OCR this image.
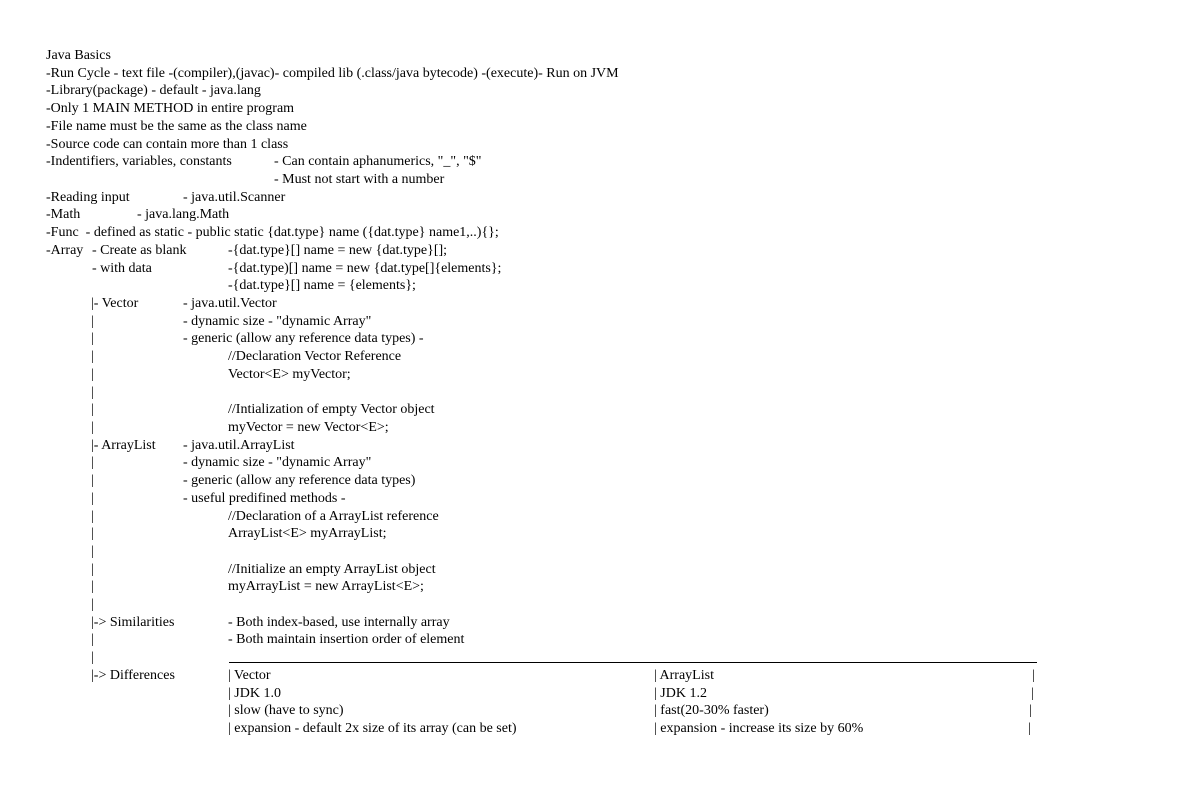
Java Basics
-Run Cycle - text file -(compiler),(javac)- compiled lib (.class/java bytecode) -(execute)- Run on JVM
-Library(package) - default - java.lang
-Only 1 MAIN METHOD in entire program
-File name must be the same as the class name
-Source code can contain more than 1 class
-Indentifiers, variables, constants	- Can contain aphanumerics, "_", "$"
- Must not start with a number
-Reading input	- java.util.Scanner
-Math	- java.lang.Math
-Func  - defined as static - public static {dat.type} name ({dat.type} name1,..){};
-Array - Create as blank	-{dat.type}[] name = new {dat.type}[];
- with data	-{dat.type)[] name = new {dat.type[]{elements};
-{dat.type}[] name = {elements};
|- Vector	- java.util.Vector
|	- dynamic size - "dynamic Array"
|	- generic (allow any reference data types) -
|	//Declaration Vector Reference
|	Vector<E> myVector;
|
|	//Intialization of empty Vector object
|	myVector = new Vector<E>;
|- ArrayList - java.util.ArrayList
|	- dynamic size - "dynamic Array"
|	- generic (allow any reference data types)
|	- useful predifined methods -
|	//Declaration of a ArrayList reference
|	ArrayList<E> myArrayList;
|
|	//Initialize an empty ArrayList object
|	myArrayList = new ArrayList<E>;
|
|-> Similarities	- Both index-based, use internally array
|	- Both maintain insertion order of element
|
|-> Differences	| Vector	| ArrayList	|
| JDK 1.0	| JDK 1.2	|
| slow (have to sync)	| fast(20-30% faster)	|
| expansion - default 2x size of its array (can be set)	| expansion - increase its size by 60%	|
